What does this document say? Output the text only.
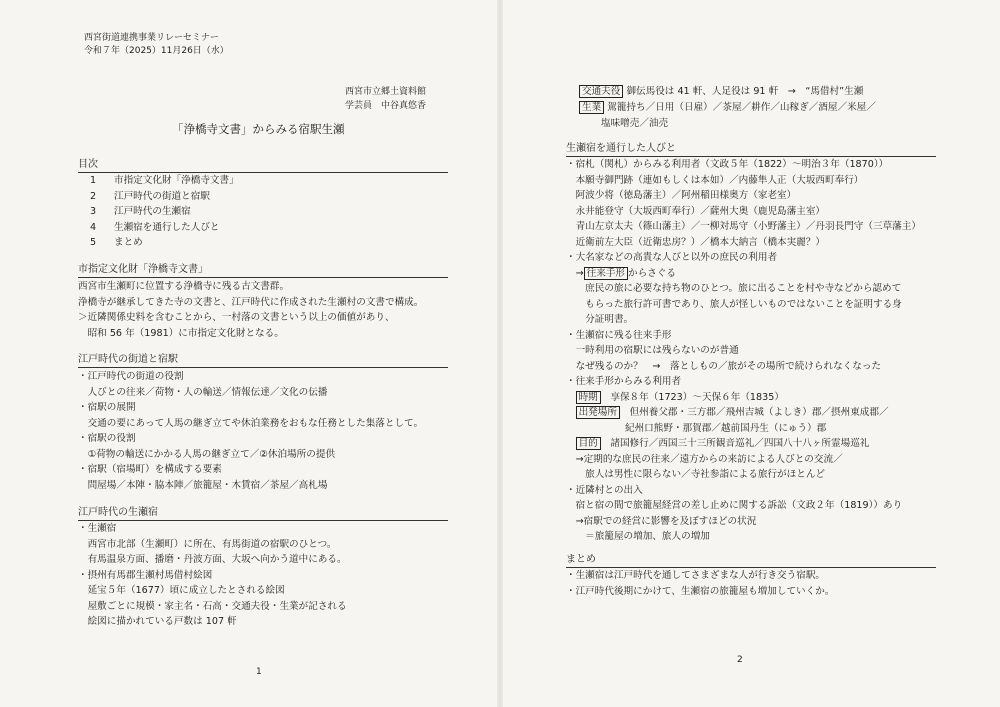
西宮街道連携事業リレーセミナー
令和７年（2025）11月26日（水）
西宮市立郷土資料館
学芸員　中谷真悠香
「浄橋寺文書」からみる宿駅生瀬
目次
1 市指定文化財「浄橋寺文書」
2 江戸時代の街道と宿駅
3 江戸時代の生瀬宿
4 生瀬宿を通行した人びと
5 まとめ
市指定文化財「浄橋寺文書」
西宮市生瀬町に位置する浄橋寺に残る古文書群。
浄橋寺が継承してきた寺の文書と、江戸時代に作成された生瀬村の文書で構成。
＞近隣関係史料を含むことから、一村落の文書という以上の価値があり、
　昭和 56 年（1981）に市指定文化財となる。
江戸時代の街道と宿駅
・江戸時代の街道の役割
　人びとの往来／荷物・人の輸送／情報伝達／文化の伝播
・宿駅の展開
　交通の要にあって人馬の継ぎ立てや休泊業務をおもな任務とした集落として。
・宿駅の役割
　①荷物の輸送にかかる人馬の継ぎ立て／②休泊場所の提供
・宿駅（宿場町）を構成する要素
　問屋場／本陣・脇本陣／旅籠屋・木賃宿／茶屋／高札場
江戸時代の生瀬宿
・生瀬宿
　西宮市北部（生瀬町）に所在、有馬街道の宿駅のひとつ。
　有馬温泉方面、播磨・丹波方面、大坂へ向かう道中にある。
・摂州有馬郡生瀬村馬借村絵図
　延宝５年（1677）頃に成立したとされる絵図
　屋敷ごとに規模・家主名・石高・交通夫役・生業が記される
　絵図に描かれている戸数は 107 軒
1
交通夫役 御伝馬役は 41 軒、人足役は 91 軒　→　“馬借村”生瀬
生業 駕籠持ち／日用（日雇）／茶屋／耕作／山稼ぎ／酒屋／米屋／
塩味噌売／油売
生瀬宿を通行した人びと
・宿札（関札）からみる利用者（文政５年（1822）～明治３年（1870））
　本願寺御門跡（連如もしくは本如）／内藤隼人正（大坂西町奉行）
　阿波少将（徳島藩主）／阿州稲田様奥方（家老室）
　永井能登守（大坂西町奉行）／薩州大奥（鹿児島藩主室）
　青山左京太夫（篠山藩主）／一柳対馬守（小野藩主）／丹羽長門守（三草藩主）
　近衛前左大臣（近衛忠房？）／橋本大納言（橋本実麗？）
・大名家などの高貴な人びと以外の庶民の利用者
　→ 往来手形 からさぐる
　　庶民の旅に必要な持ち物のひとつ。旅に出ることを村や寺などから認めて
　　もらった旅行許可書であり、旅人が怪しいものではないことを証明する身
　　分証明書。
・生瀬宿に残る往来手形
　一時利用の宿駅には残らないのが普通
　なぜ残るのか？　→　落としもの／旅がその場所で続けられなくなった
・往来手形からみる利用者
　時期　 享保８年（1723）～天保６年（1835）
　出発場所　 但州養父郡・三方郡／飛州吉城（よしき）郡／摂州東成郡／
紀州口熊野・那賀郡／越前国丹生（にゅう）郡
　目的　 諸国修行／西国三十三所観音巡礼／四国八十八ヶ所霊場巡礼
　→定期的な庶民の往来／遠方からの来訪による人びとの交流／
　　旅人は男性に限らない／寺社参詣による旅行がほとんど
・近隣村との出入
　宿と宿の間で旅籠屋経営の差し止めに関する訴訟（文政２年（1819））あり
　→宿駅での経営に影響を及ぼすほどの状況
　　＝旅籠屋の増加、旅人の増加
まとめ
・生瀬宿は江戸時代を通してさまざまな人が行き交う宿駅。
・江戸時代後期にかけて、生瀬宿の旅籠屋も増加していくか。
2
